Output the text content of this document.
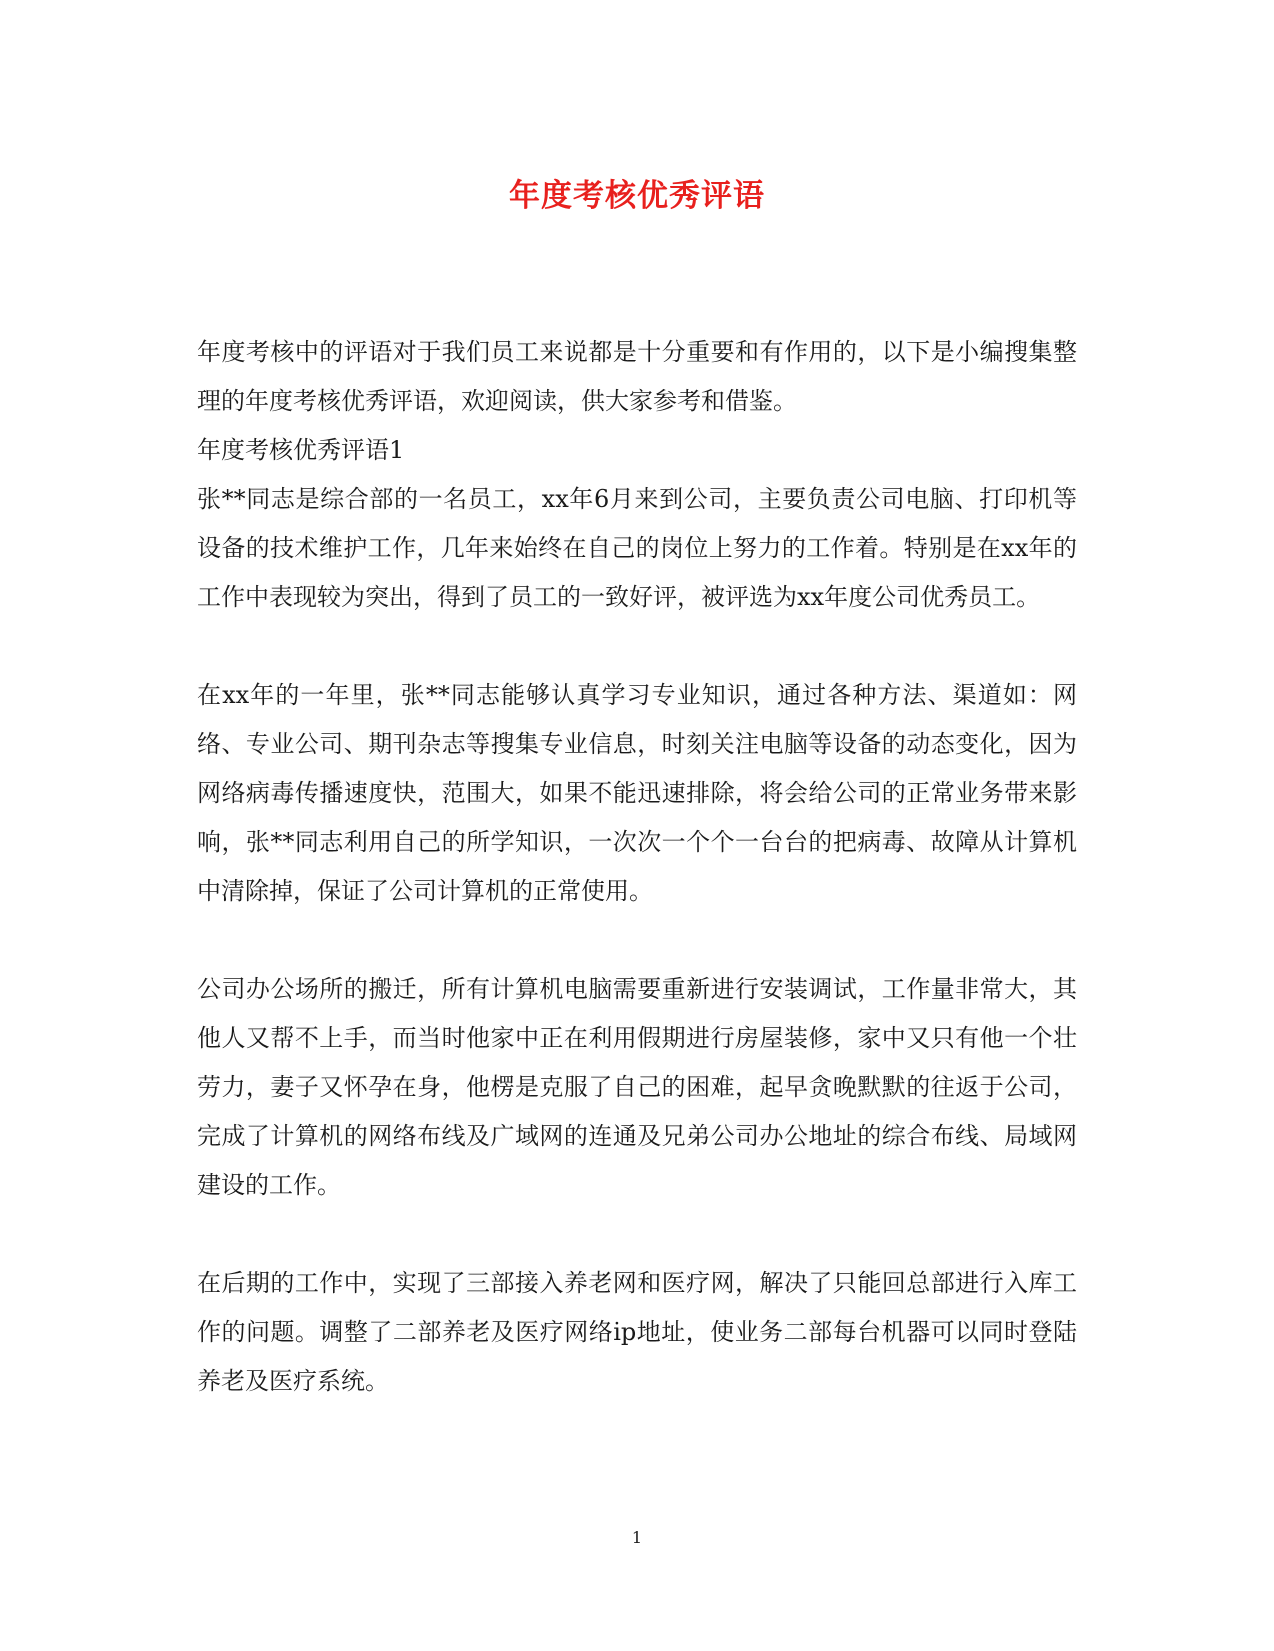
年度考核优秀评语

年度考核中的评语对于我们员工来说都是十分重要和有作用的，以下是小编搜集整理的年度考核优秀评语，欢迎阅读，供大家参考和借鉴。

年度考核优秀评语1

张**同志是综合部的一名员工，xx年6月来到公司，主要负责公司电脑、打印机等设备的技术维护工作，几年来始终在自己的岗位上努力的工作着。特别是在xx年的工作中表现较为突出，得到了员工的一致好评，被评选为xx年度公司优秀员工。

在xx年的一年里，张**同志能够认真学习专业知识，通过各种方法、渠道如：网络、专业公司、期刊杂志等搜集专业信息，时刻关注电脑等设备的动态变化，因为网络病毒传播速度快，范围大，如果不能迅速排除，将会给公司的正常业务带来影响，张**同志利用自己的所学知识，一次次一个个一台台的把病毒、故障从计算机中清除掉，保证了公司计算机的正常使用。

公司办公场所的搬迁，所有计算机电脑需要重新进行安装调试，工作量非常大，其他人又帮不上手，而当时他家中正在利用假期进行房屋装修，家中又只有他一个壮劳力，妻子又怀孕在身，他楞是克服了自己的困难，起早贪晚默默的往返于公司，完成了计算机的网络布线及广域网的连通及兄弟公司办公地址的综合布线、局域网建设的工作。

在后期的工作中，实现了三部接入养老网和医疗网，解决了只能回总部进行入库工作的问题。调整了二部养老及医疗网络ip地址，使业务二部每台机器可以同时登陆养老及医疗系统。

1
